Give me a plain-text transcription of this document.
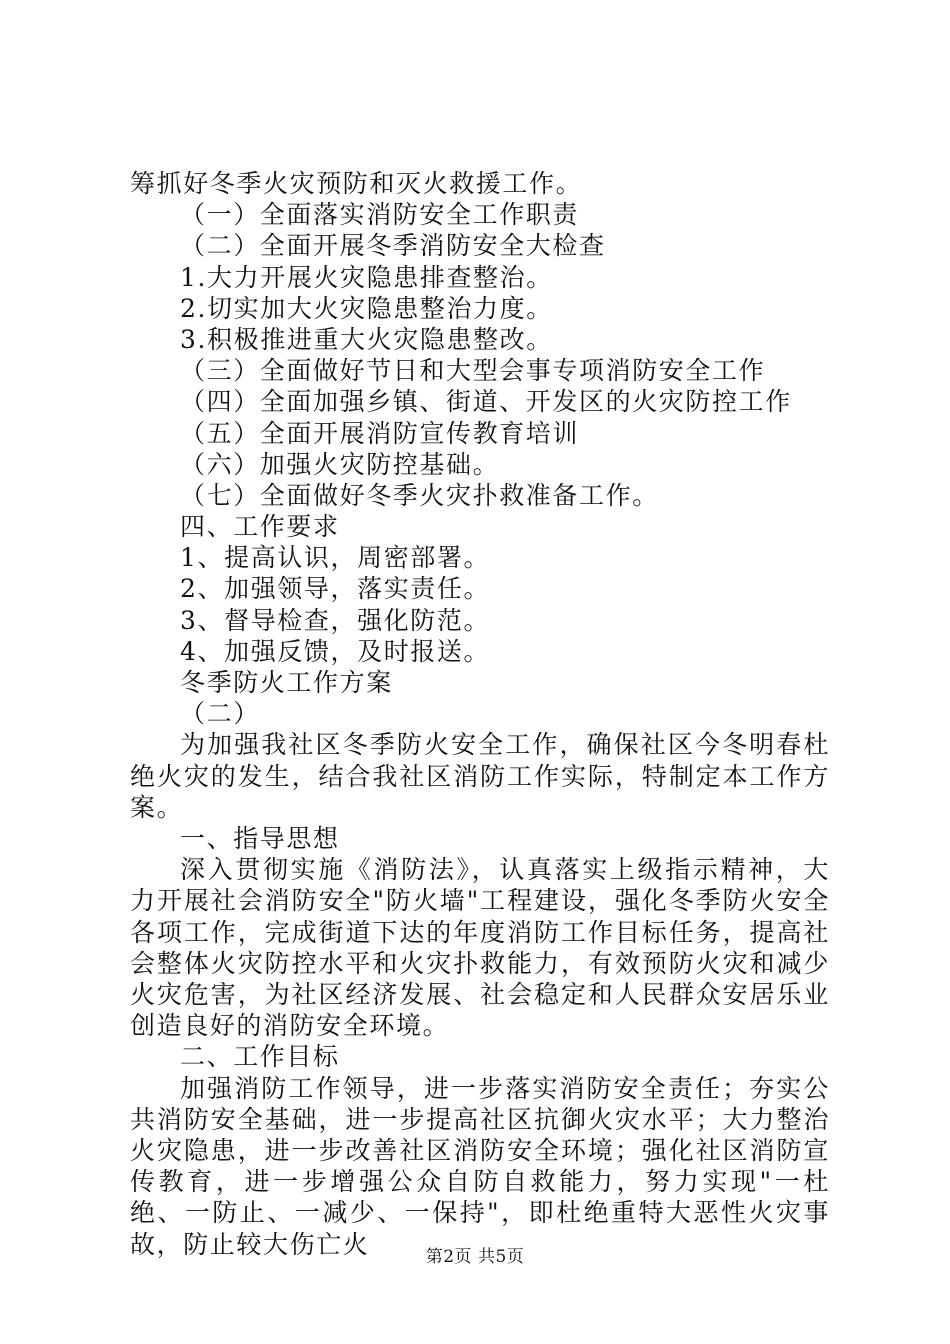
筹抓好冬季火灾预防和灭火救援工作。
（一）全面落实消防安全工作职责
（二）全面开展冬季消防安全大检查
1.大力开展火灾隐患排查整治。
2.切实加大火灾隐患整治力度。
3.积极推进重大火灾隐患整改。
（三）全面做好节日和大型会事专项消防安全工作
（四）全面加强乡镇、街道、开发区的火灾防控工作
（五）全面开展消防宣传教育培训
（六）加强火灾防控基础。
（七）全面做好冬季火灾扑救准备工作。
四、工作要求
1、提高认识，周密部署。
2、加强领导，落实责任。
3、督导检查，强化防范。
4、加强反馈，及时报送。
冬季防火工作方案
（二）
为加强我社区冬季防火安全工作，确保社区今冬明春杜绝火灾的发生，结合我社区消防工作实际，特制定本工作方案。
一、指导思想
深入贯彻实施《消防法》，认真落实上级指示精神，大力开展社会消防安全"防火墙"工程建设，强化冬季防火安全各项工作，完成街道下达的年度消防工作目标任务，提高社会整体火灾防控水平和火灾扑救能力，有效预防火灾和减少火灾危害，为社区经济发展、社会稳定和人民群众安居乐业创造良好的消防安全环境。
二、工作目标
加强消防工作领导，进一步落实消防安全责任；夯实公共消防安全基础，进一步提高社区抗御火灾水平；大力整治火灾隐患，进一步改善社区消防安全环境；强化社区消防宣传教育，进一步增强公众自防自救能力，努力实现"一杜绝、一防止、一减少、一保持"，即杜绝重特大恶性火灾事故，防止较大伤亡火	第2页 共5页
